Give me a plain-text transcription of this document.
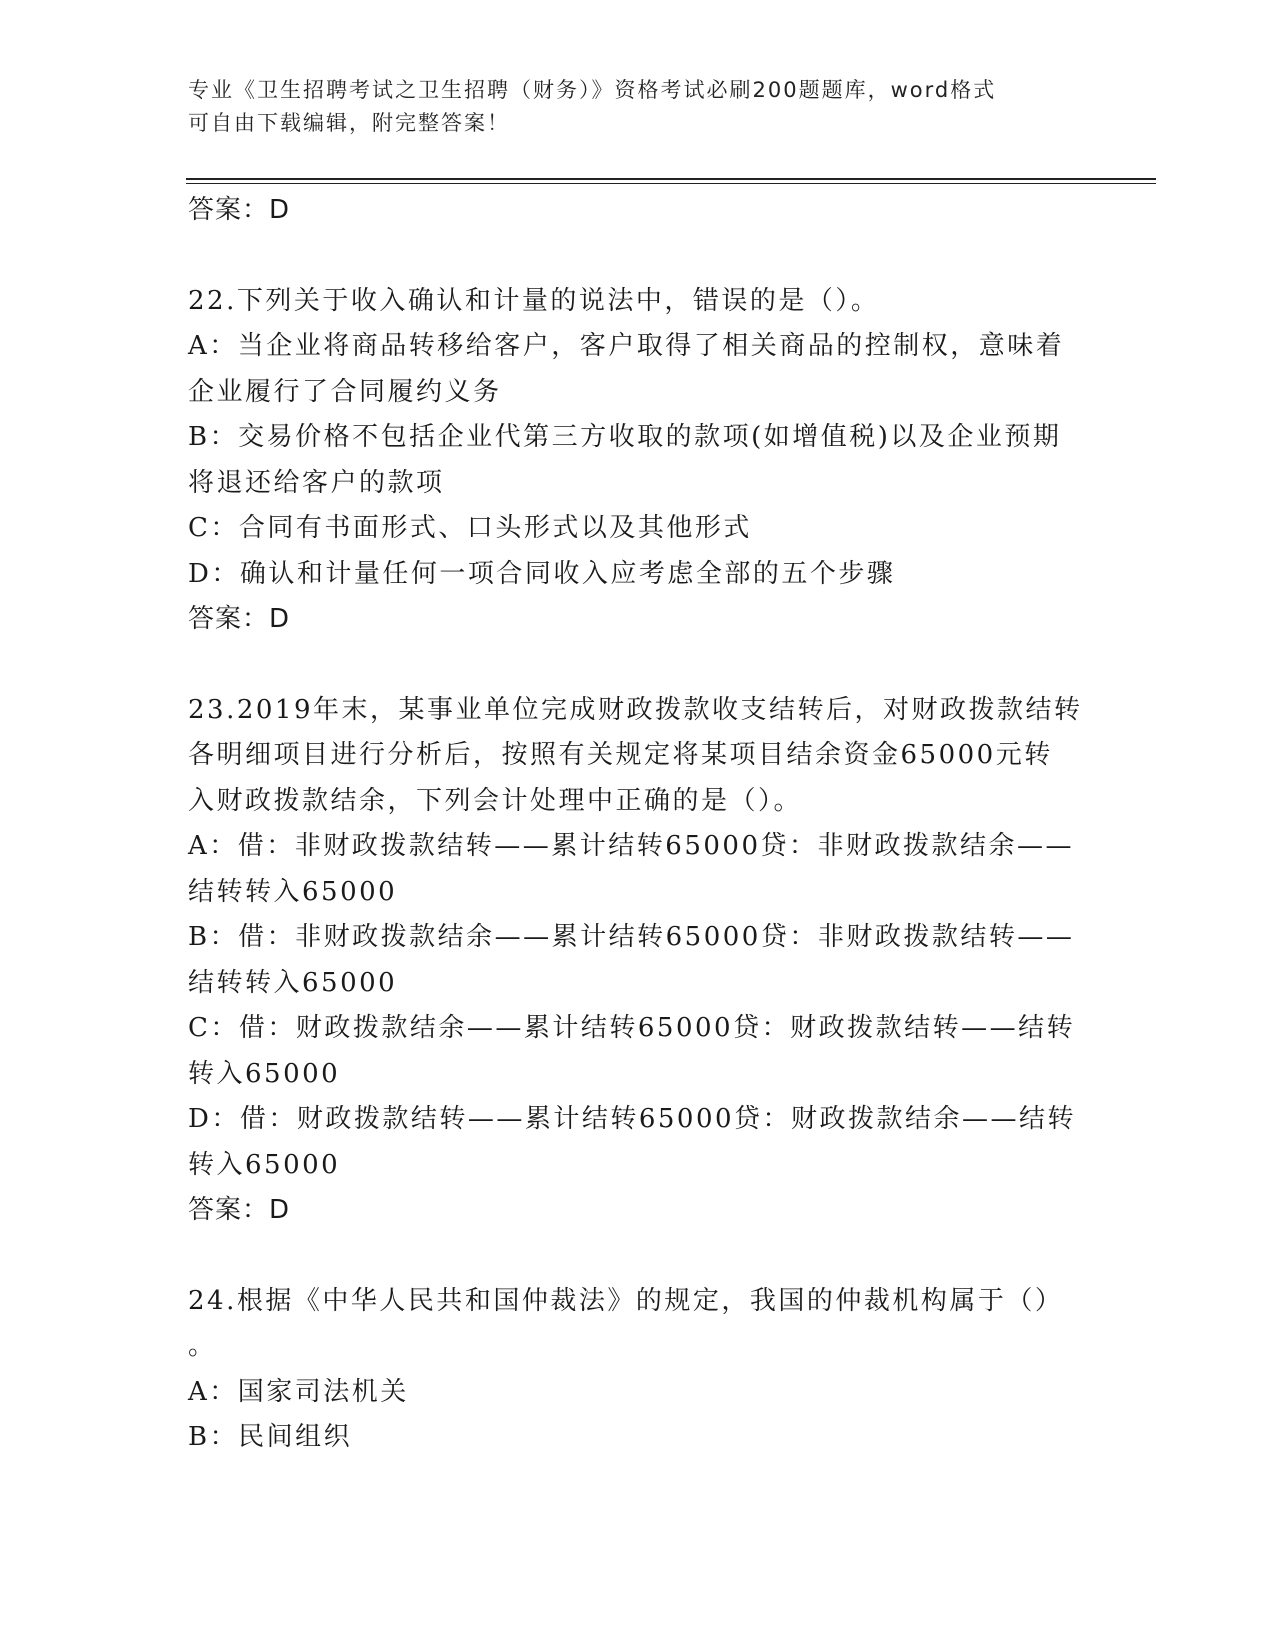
专业《卫生招聘考试之卫生招聘（财务）》资格考试必刷200题题库，word格式
可自由下载编辑，附完整答案！
答案：D
22.下列关于收入确认和计量的说法中，错误的是（）。
A：当企业将商品转移给客户，客户取得了相关商品的控制权，意味着
企业履行了合同履约义务
B：交易价格不包括企业代第三方收取的款项(如增值税)以及企业预期
将退还给客户的款项
C：合同有书面形式、口头形式以及其他形式
D：确认和计量任何一项合同收入应考虑全部的五个步骤
答案：D
23.2019年末，某事业单位完成财政拨款收支结转后，对财政拨款结转
各明细项目进行分析后，按照有关规定将某项目结余资金65000元转
入财政拨款结余，下列会计处理中正确的是（）。
A：借：非财政拨款结转——累计结转65000贷：非财政拨款结余——
结转转入65000
B：借：非财政拨款结余——累计结转65000贷：非财政拨款结转——
结转转入65000
C：借：财政拨款结余——累计结转65000贷：财政拨款结转——结转
转入65000
D：借：财政拨款结转——累计结转65000贷：财政拨款结余——结转
转入65000
答案：D
24.根据《中华人民共和国仲裁法》的规定，我国的仲裁机构属于（）
。
A：国家司法机关
B：民间组织
